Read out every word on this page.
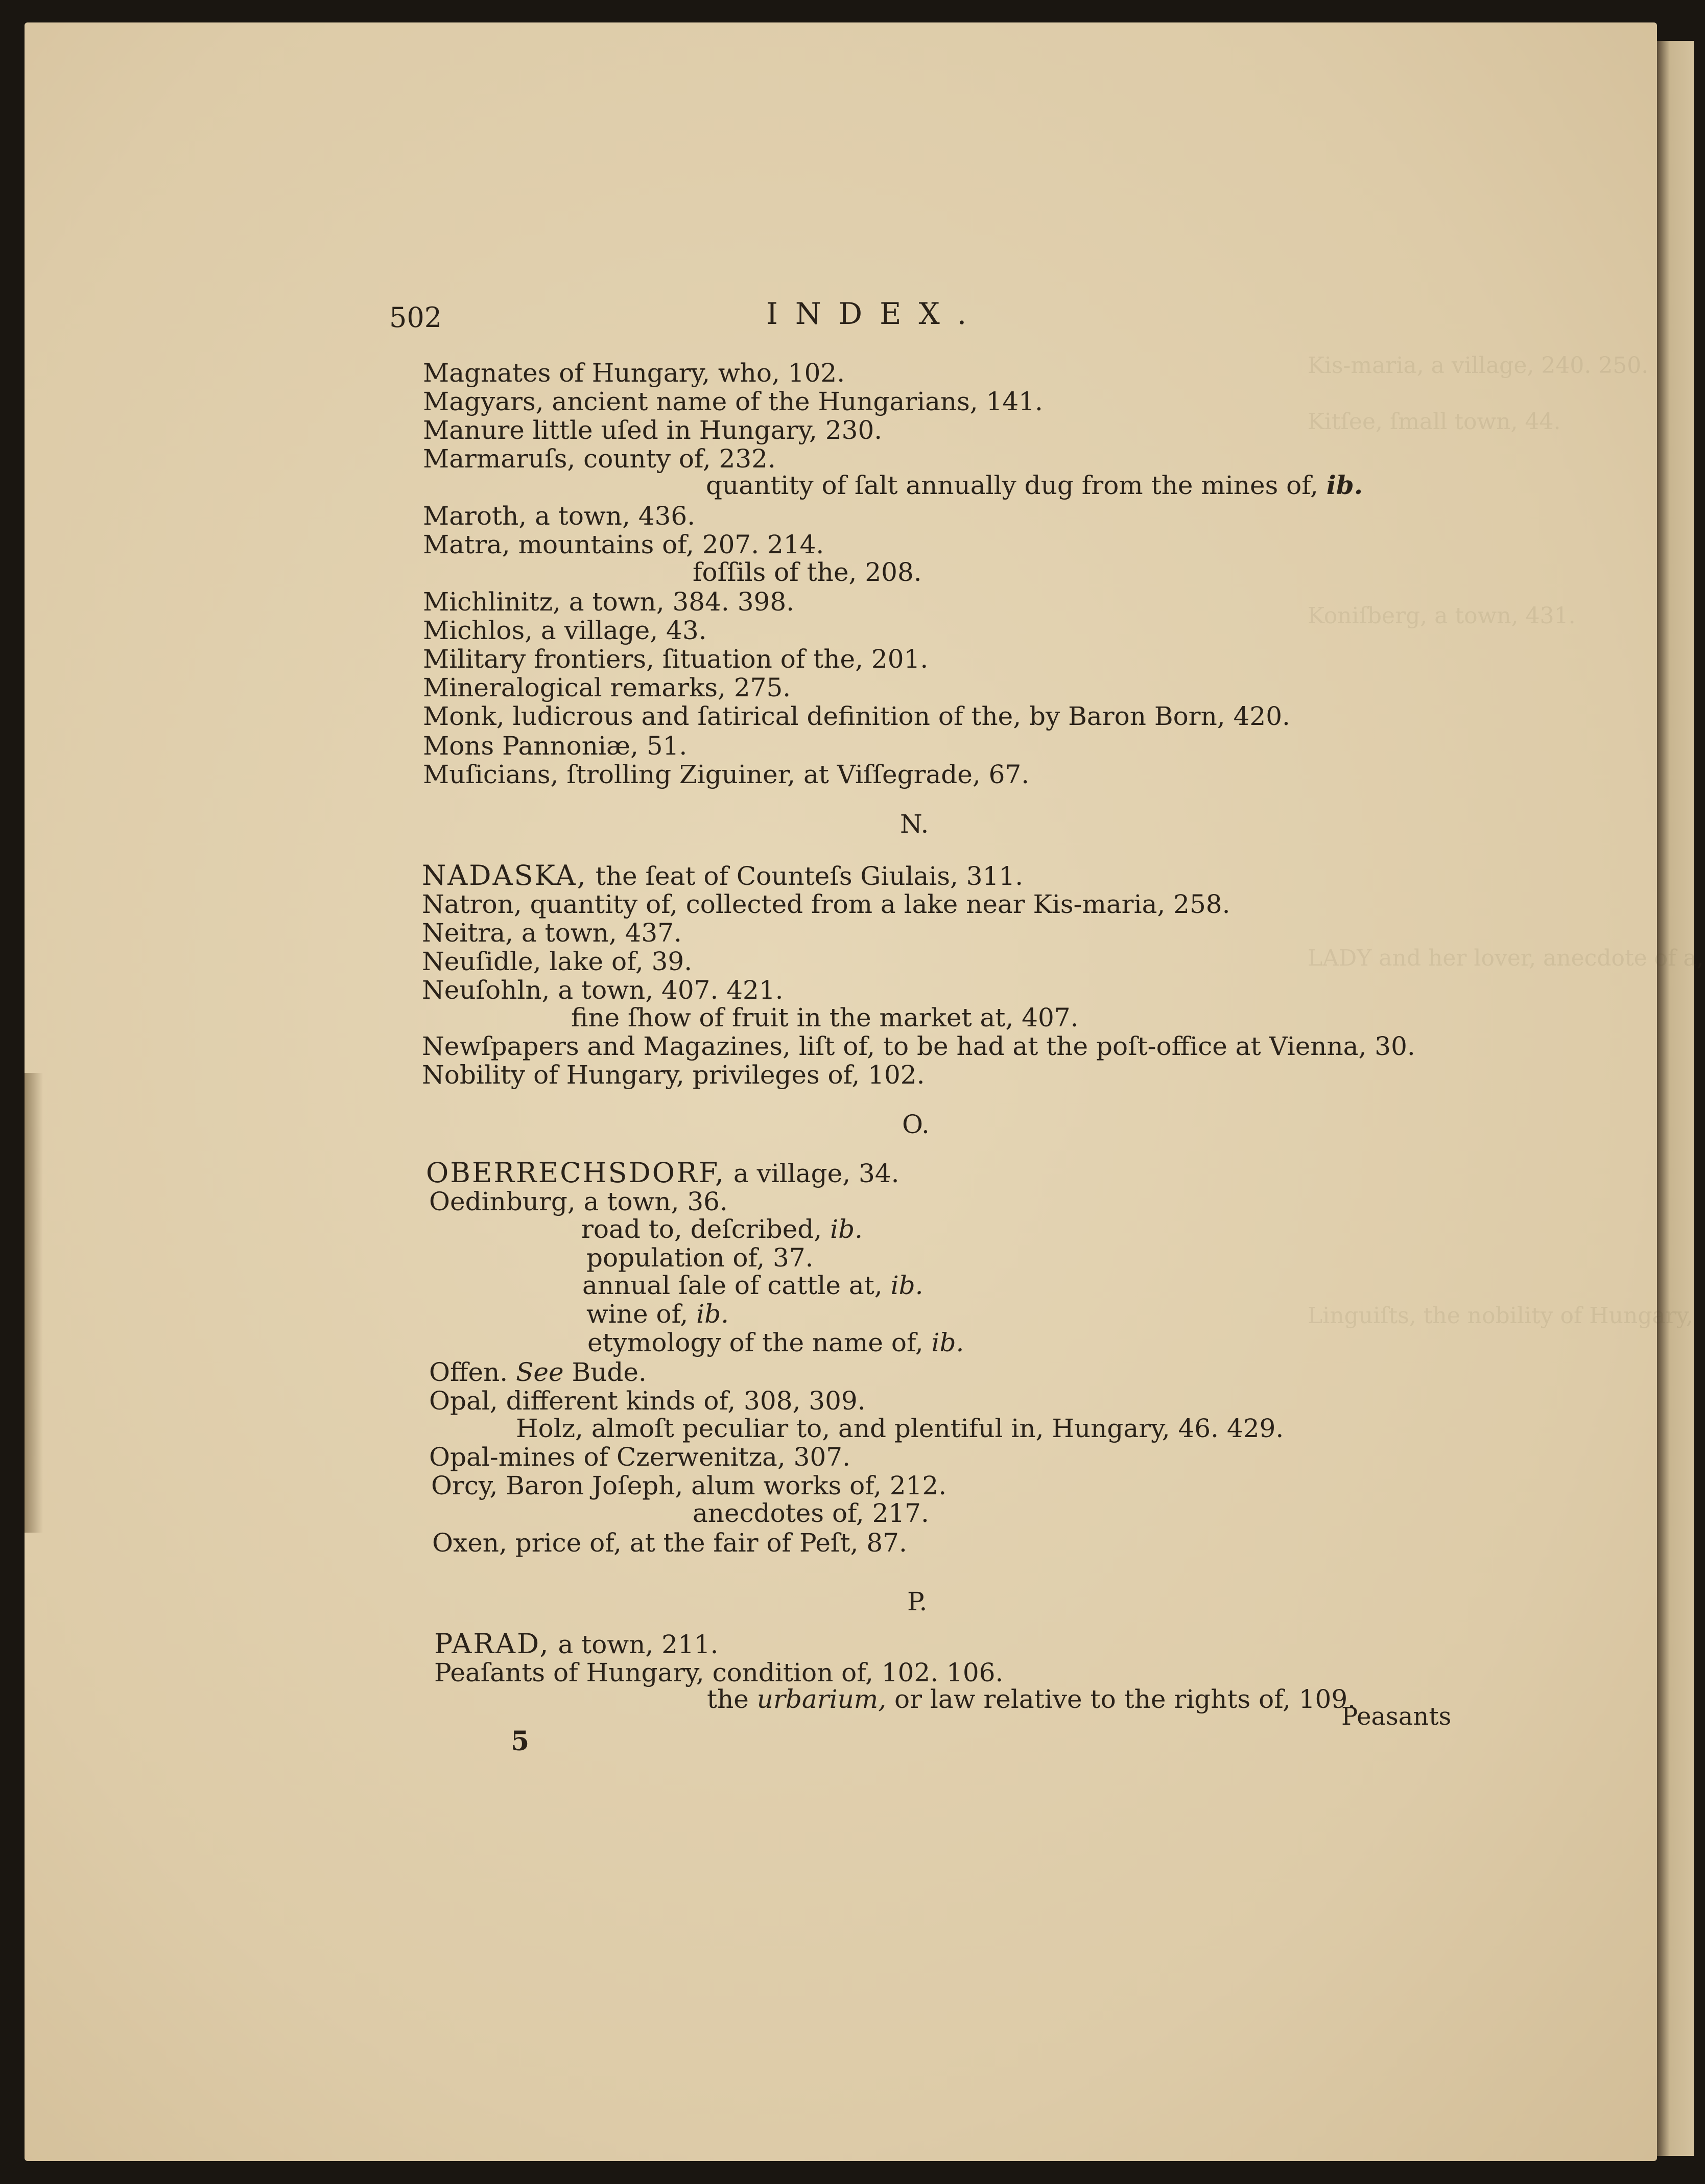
Kis-maria, a village, 240. 250.
Kitſee, ſmall town, 44.
Koniſberg, a town, 431.
LADY and her lover, anecdote of a,
Linguiſts, the nobility of Hungary,
502	INDEX.
Magnates of Hungary, who, 102.
Magyars, ancient name of the Hungarians, 141.
Manure little uſed in Hungary, 230.
Marmaruſs, county of, 232.
quantity of ſalt annually dug from the mines of, ib.
Maroth, a town, 436.
Matra, mountains of, 207. 214.
foſſils of the, 208.
Michlinitz, a town, 384. 398.
Michlos, a village, 43.
Military frontiers, ſituation of the, 201.
Mineralogical remarks, 275.
Monk, ludicrous and ſatirical definition of the, by Baron Born, 420.
Mons Pannoniæ, 51.
Muſicians, ſtrolling Ziguiner, at Viſſegrade, 67.
N.
NADASKA, the ſeat of Counteſs Giulais, 311.
Natron, quantity of, collected from a lake near Kis-maria, 258.
Neitra, a town, 437.
Neuſidle, lake of, 39.
Neuſohln, a town, 407. 421.
fine ſhow of fruit in the market at, 407.
Newſpapers and Magazines, liſt of, to be had at the poſt-office at Vienna, 30.
Nobility of Hungary, privileges of, 102.
O.
OBERRECHSDORF, a village, 34.
Oedinburg, a town, 36.
road to, deſcribed, ib.
population of, 37.
annual ſale of cattle at, ib.
wine of, ib.
etymology of the name of, ib.
Offen. See Bude.
Opal, different kinds of, 308, 309.
Holz, almoſt peculiar to, and plentiful in, Hungary, 46. 429.
Opal-mines of Czerwenitza, 307.
Orcy, Baron Joſeph, alum works of, 212.
anecdotes of, 217.
Oxen, price of, at the fair of Peſt, 87.
P.
PARAD, a town, 211.
Peaſants of Hungary, condition of, 102. 106.
the urbarium, or law relative to the rights of, 109.
5
Peasants
